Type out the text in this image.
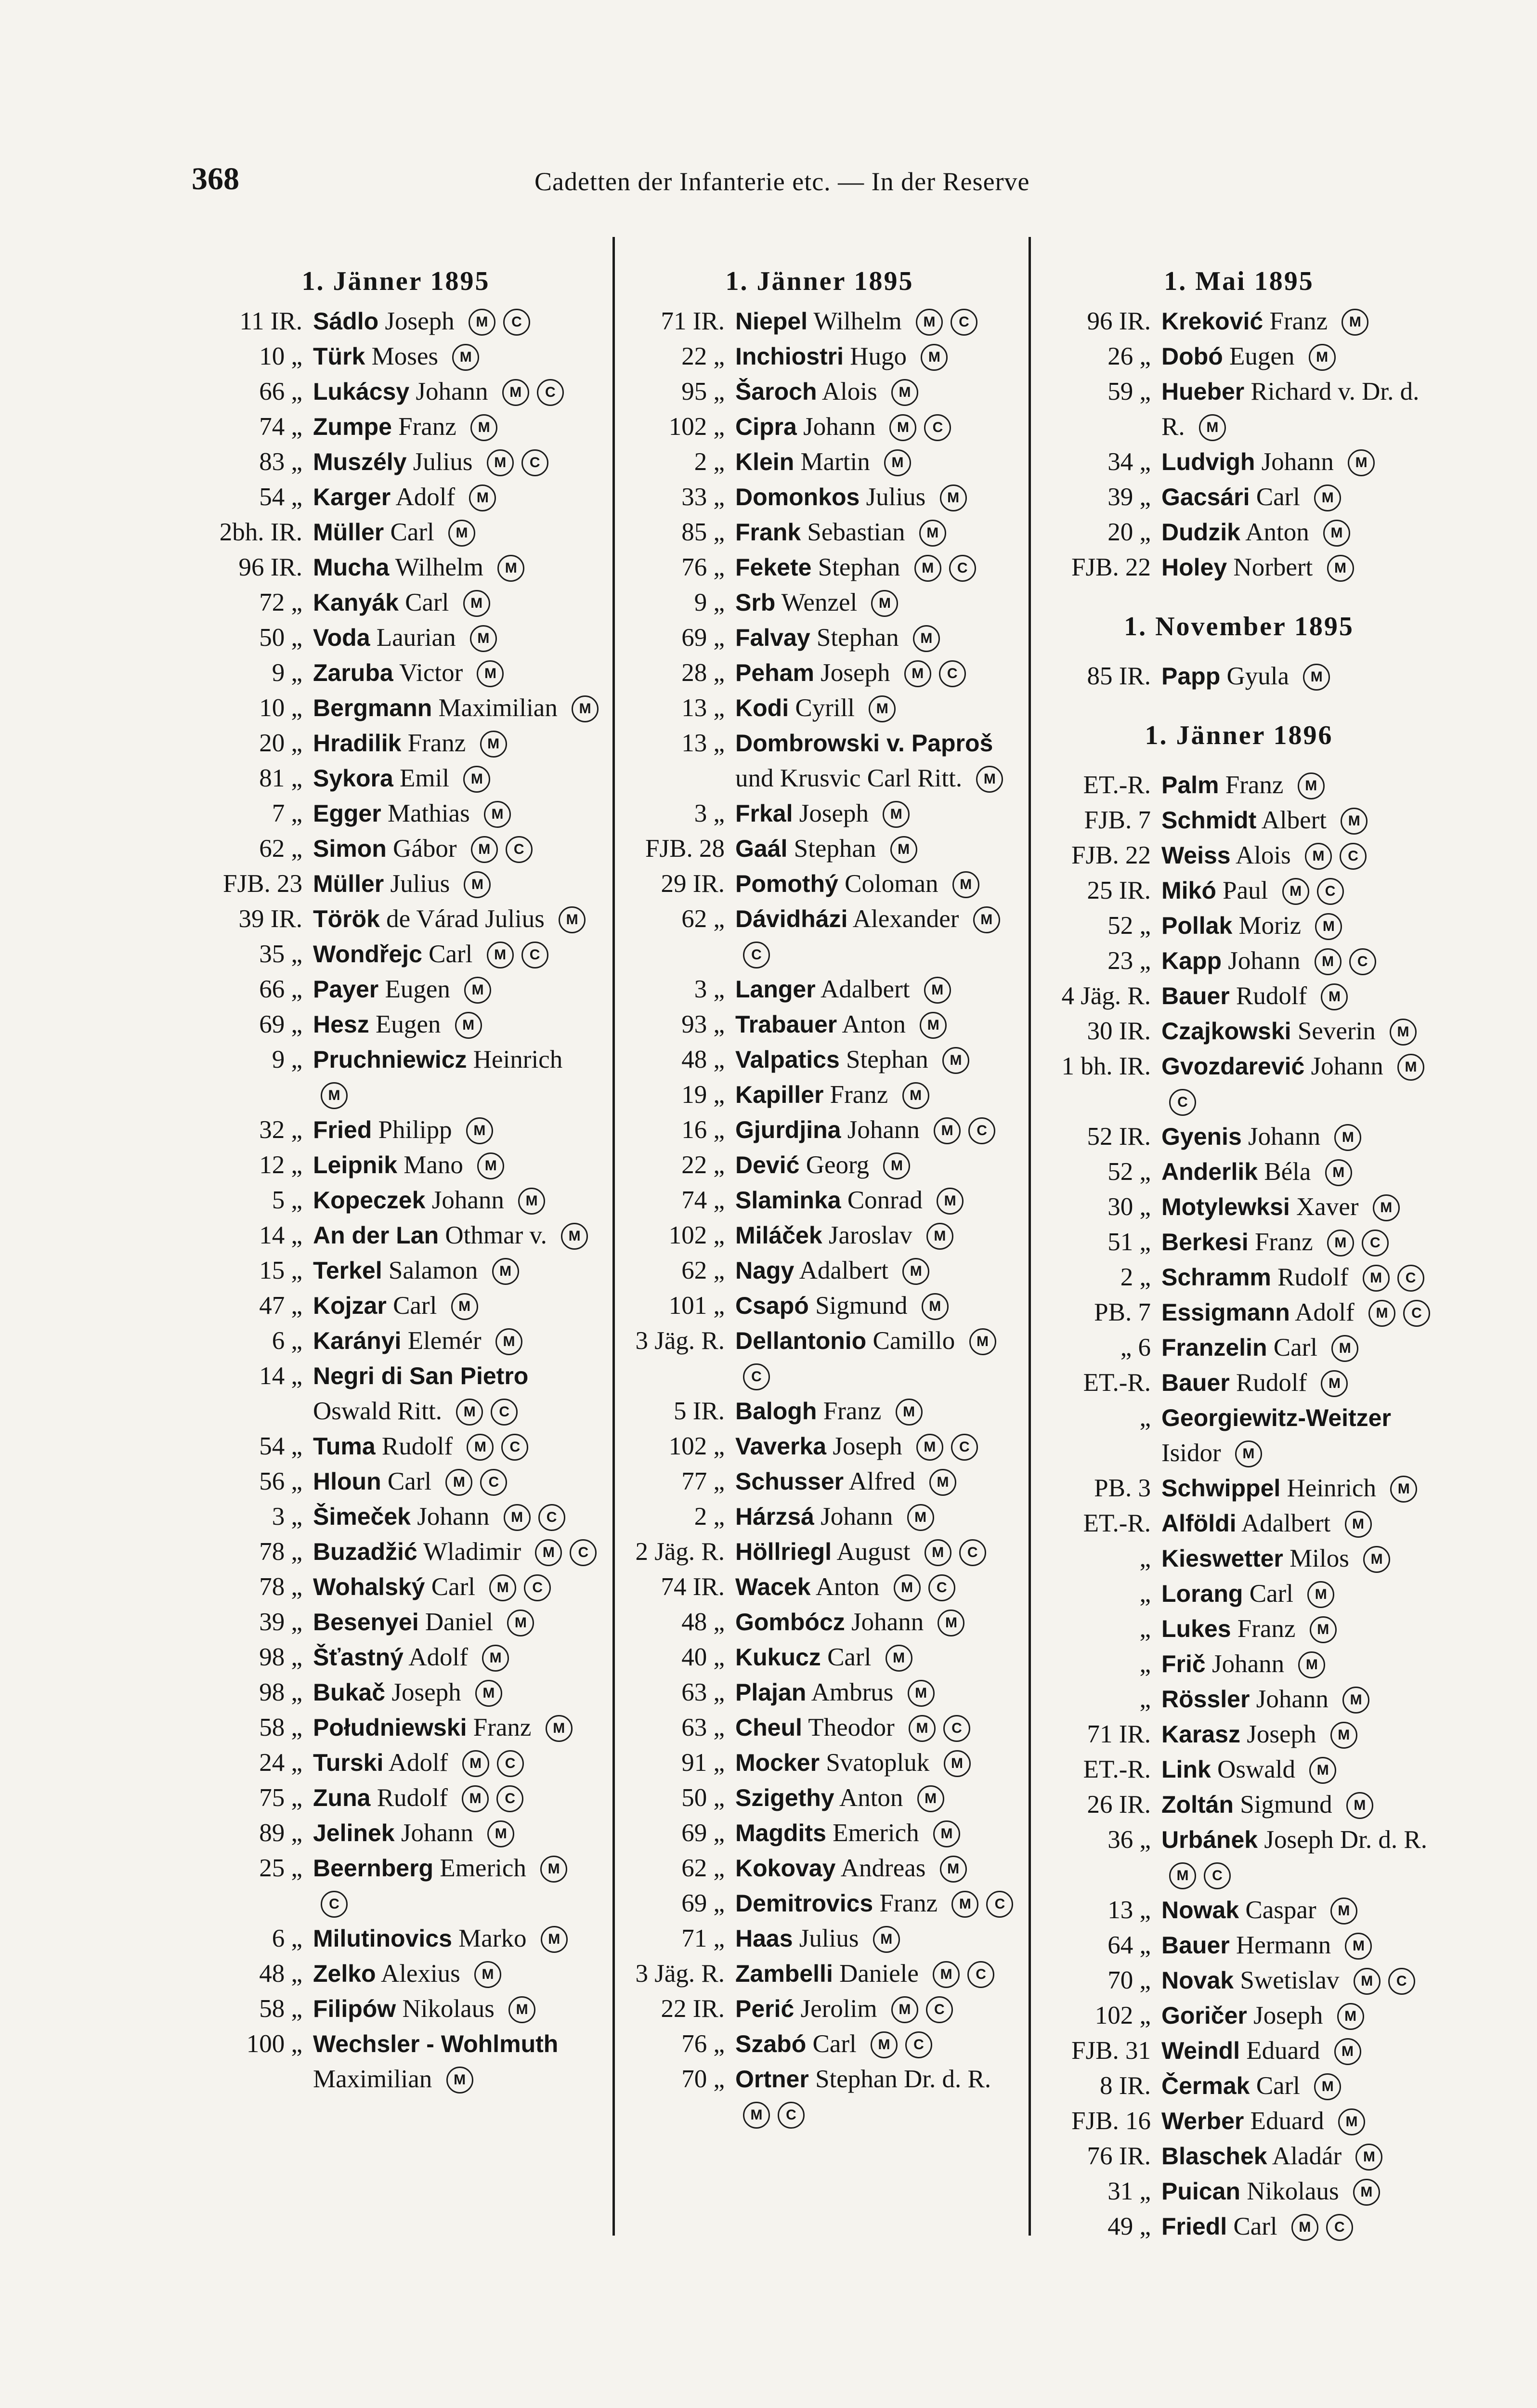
368	Cadetten der Infanterie etc. — In der Reserve
1. Jänner 1895
11 IR. Sádlo Joseph M C
10 „ Türk Moses M
66 „ Lukácsy Johann M C
74 „ Zumpe Franz M
83 „ Muszély Julius M C
54 „ Karger Adolf M
2bh. IR. Müller Carl M
96 IR. Mucha Wilhelm M
72 „ Kanyák Carl M
50 „ Voda Laurian M
9 „ Zaruba Victor M
10 „ Bergmann Maximilian M
20 „ Hradilik Franz M
81 „ Sykora Emil M
7 „ Egger Mathias M
62 „ Simon Gábor M C
FJB. 23 Müller Julius M
39 IR. Török de Várad Julius M
35 „ Wondřejc Carl M C
66 „ Payer Eugen M
69 „ Hesz Eugen M
9 „ Pruchniewicz Heinrich M
32 „ Fried Philipp M
12 „ Leipnik Mano M
5 „ Kopeczek Johann M
14 „ An der Lan Othmar v. M
15 „ Terkel Salamon M
47 „ Kojzar Carl M
6 „ Karányi Elemér M
14 „ Negri di San Pietro Oswald Ritt. M C
54 „ Tuma Rudolf M C
56 „ Hloun Carl M C
3 „ Šimeček Johann M C
78 „ Buzadžić Wladimir M C
78 „ Wohalský Carl M C
39 „ Besenyei Daniel M
98 „ Šťastný Adolf M
98 „ Bukač Joseph M
58 „ Południewski Franz M
24 „ Turski Adolf M C
75 „ Zuna Rudolf M C
89 „ Jelinek Johann M
25 „ Beernberg Emerich MC
6 „ Milutinovics Marko M
48 „ Zelko Alexius M
58 „ Filipów Nikolaus M
100 „ Wechsler - Wohlmuth Maximilian M
1. Jänner 1895
71 IR. Niepel Wilhelm M C
22 „ Inchiostri Hugo M
95 „ Šaroch Alois M
102 „ Cipra Johann M C
2 „ Klein Martin M
33 „ Domonkos Julius M
85 „ Frank Sebastian M
76 „ Fekete Stephan M C
9 „ Srb Wenzel M
69 „ Falvay Stephan M
28 „ Peham Joseph M C
13 „ Kodi Cyrill M
13 „ Dombrowski v. Paproš und Krusvic Carl Ritt. M
3 „ Frkal Joseph M
FJB. 28 Gaál Stephan M
29 IR. Pomothý Coloman M
62 „ Dávidházi Alexander MC
3 „ Langer Adalbert M
93 „ Trabauer Anton M
48 „ Valpatics Stephan M
19 „ Kapiller Franz M
16 „ Gjurdjina Johann M C
22 „ Dević Georg M
74 „ Slaminka Conrad M
102 „ Miláček Jaroslav M
62 „ Nagy Adalbert M
101 „ Csapó Sigmund M
3 Jäg. R. Dellantonio Camillo MC
5 IR. Balogh Franz M
102 „ Vaverka Joseph M C
77 „ Schusser Alfred M
2 „ Hárzsá Johann M
2 Jäg. R. Höllriegl August M C
74 IR. Wacek Anton M C
48 „ Gombócz Johann M
40 „ Kukucz Carl M
63 „ Plajan Ambrus M
63 „ Cheul Theodor M C
91 „ Mocker Svatopluk M
50 „ Szigethy Anton M
69 „ Magdits Emerich M
62 „ Kokovay Andreas M
69 „ Demitrovics Franz M C
71 „ Haas Julius M
3 Jäg. R. Zambelli Daniele M C
22 IR. Perić Jerolim M C
76 „ Szabó Carl M C
70 „ Ortner Stephan Dr. d. R. M C
1. Mai 1895
96 IR. Kreković Franz M
26 „ Dobó Eugen M
59 „ Hueber Richard v. Dr. d. R. M
34 „ Ludvigh Johann M
39 „ Gacsári Carl M
20 „ Dudzik Anton M
FJB. 22 Holey Norbert M
1. November 1895
85 IR. Papp Gyula M
1. Jänner 1896
ET.-R. Palm Franz M
FJB. 7 Schmidt Albert M
FJB. 22 Weiss Alois M C
25 IR. Mikó Paul M C
52 „ Pollak Moriz M
23 „ Kapp Johann M C
4 Jäg. R. Bauer Rudolf M
30 IR. Czajkowski Severin M
1 bh. IR. Gvozdarević Johann MC
52 IR. Gyenis Johann M
52 „ Anderlik Béla M
30 „ Motylewksi Xaver M
51 „ Berkesi Franz M C
2 „ Schramm Rudolf M C
PB. 7 Essigmann Adolf M C
„ 6 Franzelin Carl M
ET.-R. Bauer Rudolf M
„ Georgiewitz-Weitzer Isidor M
PB. 3 Schwippel Heinrich M
ET.-R. Alföldi Adalbert M
„ Kieswetter Milos M
„ Lorang Carl M
„ Lukes Franz M
„ Frič Johann M
„ Rössler Johann M
71 IR. Karasz Joseph M
ET.-R. Link Oswald M
26 IR. Zoltán Sigmund M
36 „ Urbánek Joseph Dr. d. R. M C
13 „ Nowak Caspar M
64 „ Bauer Hermann M
70 „ Novak Swetislav M C
102 „ Goričer Joseph M
FJB. 31 Weindl Eduard M
8 IR. Čermak Carl M
FJB. 16 Werber Eduard M
76 IR. Blaschek Aladár M
31 „ Puican Nikolaus M
49 „ Friedl Carl M C
